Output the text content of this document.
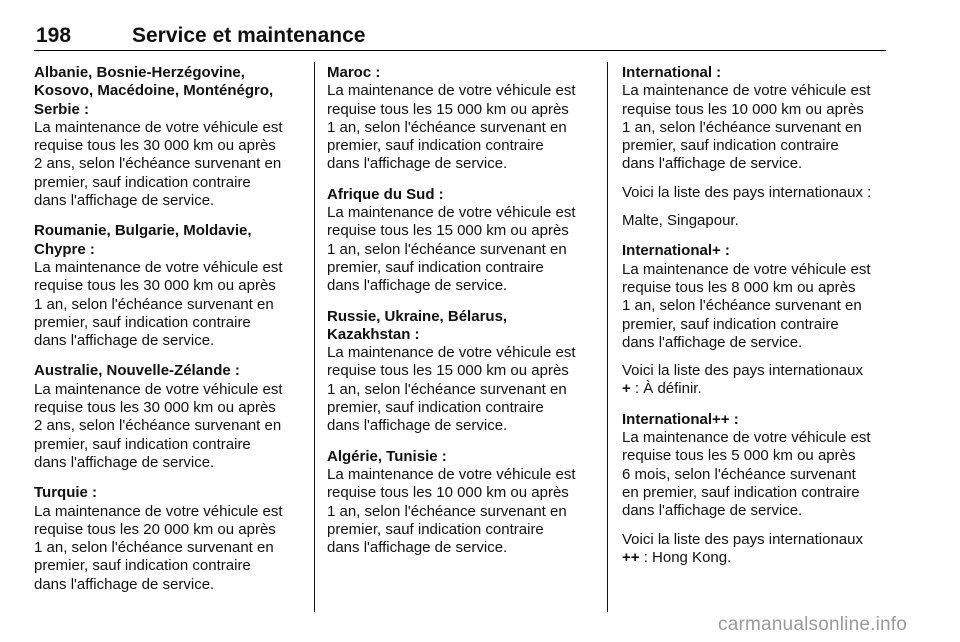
198	Service et maintenance
Albanie, Bosnie-Herzégovine,
Kosovo, Macédoine, Monténégro,
Serbie :
La maintenance de votre véhicule est
requise tous les 30 000 km ou après
2 ans, selon l'échéance survenant en
premier, sauf indication contraire
dans l'affichage de service.
Roumanie, Bulgarie, Moldavie,
Chypre :
La maintenance de votre véhicule est
requise tous les 30 000 km ou après
1 an, selon l'échéance survenant en
premier, sauf indication contraire
dans l'affichage de service.
Australie, Nouvelle-Zélande :
La maintenance de votre véhicule est
requise tous les 30 000 km ou après
2 ans, selon l'échéance survenant en
premier, sauf indication contraire
dans l'affichage de service.
Turquie :
La maintenance de votre véhicule est
requise tous les 20 000 km ou après
1 an, selon l'échéance survenant en
premier, sauf indication contraire
dans l'affichage de service.
Maroc :
La maintenance de votre véhicule est
requise tous les 15 000 km ou après
1 an, selon l'échéance survenant en
premier, sauf indication contraire
dans l'affichage de service.
Afrique du Sud :
La maintenance de votre véhicule est
requise tous les 15 000 km ou après
1 an, selon l'échéance survenant en
premier, sauf indication contraire
dans l'affichage de service.
Russie, Ukraine, Bélarus,
Kazakhstan :
La maintenance de votre véhicule est
requise tous les 15 000 km ou après
1 an, selon l'échéance survenant en
premier, sauf indication contraire
dans l'affichage de service.
Algérie, Tunisie :
La maintenance de votre véhicule est
requise tous les 10 000 km ou après
1 an, selon l'échéance survenant en
premier, sauf indication contraire
dans l'affichage de service.
International :
La maintenance de votre véhicule est
requise tous les 10 000 km ou après
1 an, selon l'échéance survenant en
premier, sauf indication contraire
dans l'affichage de service.
Voici la liste des pays internationaux :
Malte, Singapour.
International+ :
La maintenance de votre véhicule est
requise tous les 8 000 km ou après
1 an, selon l'échéance survenant en
premier, sauf indication contraire
dans l'affichage de service.
Voici la liste des pays internationaux
+ : À définir.
International++ :
La maintenance de votre véhicule est
requise tous les 5 000 km ou après
6 mois, selon l'échéance survenant
en premier, sauf indication contraire
dans l'affichage de service.
Voici la liste des pays internationaux
++ : Hong Kong.
carmanualsonline.info
